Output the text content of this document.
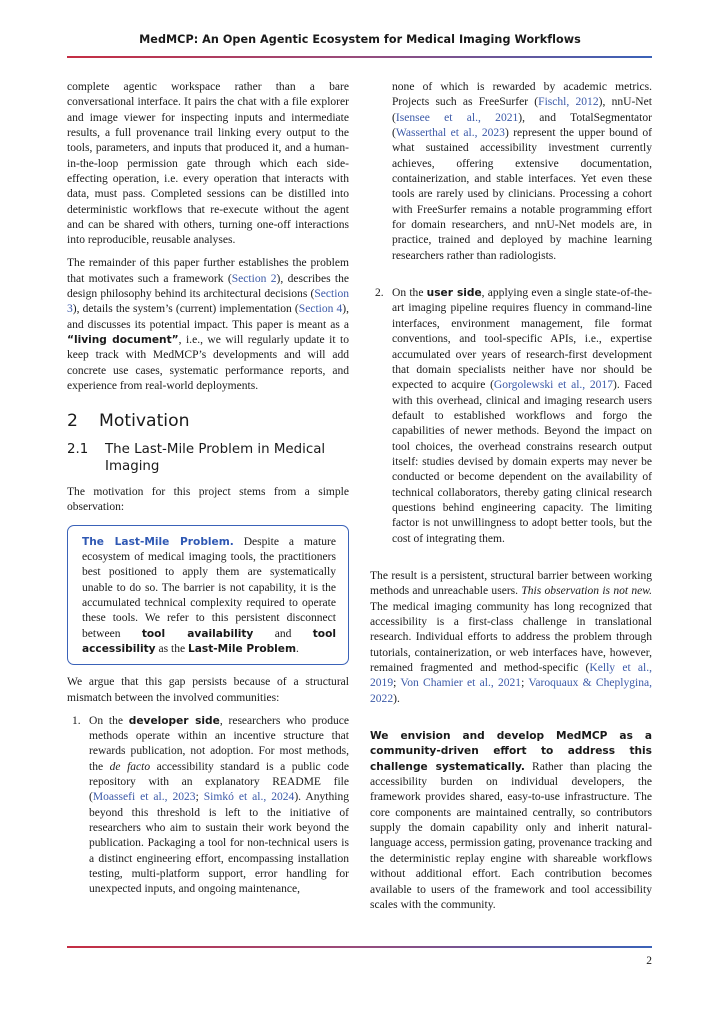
MedMCP: An Open Agentic Ecosystem for Medical Imaging Workflows

complete agentic workspace rather than a bare conversational interface. It pairs the chat with a file explorer and image viewer for inspecting inputs and intermediate results, a full provenance trail linking every output to the tools, parameters, and inputs that produced it, and a human-in-the-loop permission gate through which each side-effecting operation, i.e. every operation that interacts with data, must pass. Completed sessions can be distilled into deterministic workflows that re-execute without the agent and can be shared with others, turning one-off interactions into reproducible, reusable analyses.

The remainder of this paper further establishes the problem that motivates such a framework (Section 2), describes the design philosophy behind its architectural decisions (Section 3), details the system’s (current) implementation (Section 4), and discusses its potential impact. This paper is meant as a “living document”, i.e., we will regularly update it to keep track with MedMCP’s developments and will add concrete use cases, systematic performance reports, and experience from real-world deployments.

2	Motivation
2.1	The Last-Mile Problem in Medical Imaging

The motivation for this project stems from a simple observation:

The Last-Mile Problem. Despite a mature ecosystem of medical imaging tools, the practitioners best positioned to apply them are systematically unable to do so. The barrier is not capability, it is the accumulated technical complexity required to operate these tools. We refer to this persistent disconnect between tool availability and tool accessibility as the Last-Mile Problem.

We argue that this gap persists because of a structural mismatch between the involved communities:

1. On the developer side, researchers who produce methods operate within an incentive structure that rewards publication, not adoption. For most methods, the de facto accessibility standard is a public code repository with an explanatory README file (Moassefi et al., 2023; Simkó et al., 2024). Anything beyond this threshold is left to the initiative of researchers who aim to sustain their work beyond the publication. Packaging a tool for non-technical users is a distinct engineering effort, encompassing installation testing, multi-platform support, error handling for unexpected inputs, and ongoing maintenance,

none of which is rewarded by academic metrics. Projects such as FreeSurfer (Fischl, 2012), nnU-Net (Isensee et al., 2021), and TotalSegmentator (Wasserthal et al., 2023) represent the upper bound of what sustained accessibility investment currently achieves, offering extensive documentation, containerization, and stable interfaces. Yet even these tools are rarely used by clinicians. Processing a cohort with FreeSurfer remains a notable programming effort for domain researchers, and nnU-Net models are, in practice, trained and deployed by machine learning researchers rather than radiologists.

2. On the user side, applying even a single state-of-the-art imaging pipeline requires fluency in command-line interfaces, environment management, file format conventions, and tool-specific APIs, i.e., expertise accumulated over years of research-first development that domain specialists neither have nor should be expected to acquire (Gorgolewski et al., 2017). Faced with this overhead, clinical and imaging research users default to established workflows and forgo the capabilities of newer methods. Beyond the impact on tool choices, the overhead constrains research output itself: studies devised by domain experts may never be conducted or become dependent on the availability of technical collaborators, thereby gating clinical research questions behind engineering capacity. The limiting factor is not unwillingness to adopt better tools, but the cost of integrating them.

The result is a persistent, structural barrier between working methods and unreachable users. This observation is not new. The medical imaging community has long recognized that accessibility is a first-class challenge in translational research. Individual efforts to address the problem through tutorials, containerization, or web interfaces have, however, remained fragmented and method-specific (Kelly et al., 2019; Von Chamier et al., 2021; Varoquaux & Cheplygina, 2022).

We envision and develop MedMCP as a community-driven effort to address this challenge systematically. Rather than placing the accessibility burden on individual developers, the framework provides shared, easy-to-use infrastructure. The core components are maintained centrally, so contributors supply the domain capability only and inherit natural-language access, permission gating, provenance tracking and the deterministic replay engine with shareable workflows without additional effort. Each contribution becomes available to users of the framework and tool accessibility scales with the community.

2
